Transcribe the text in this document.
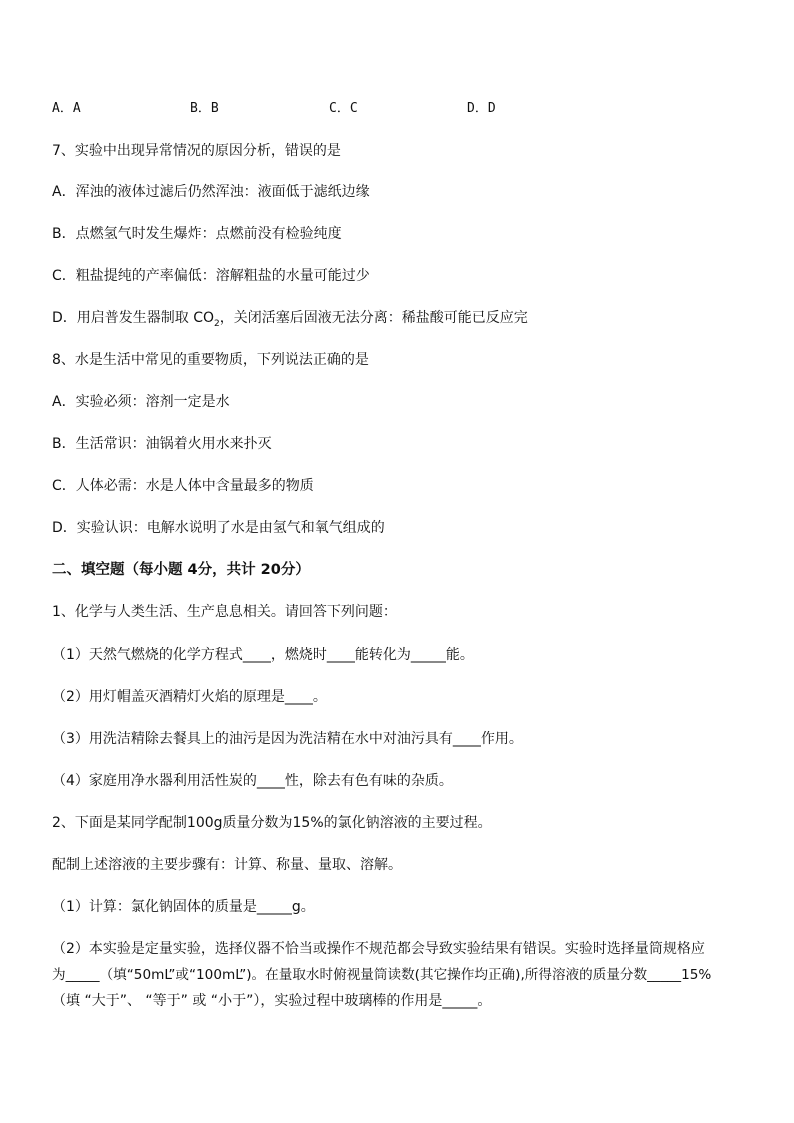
A．A	B．B	C．C	D．D
7、实验中出现异常情况的原因分析，错误的是
A．浑浊的液体过滤后仍然浑浊：液面低于滤纸边缘
B．点燃氢气时发生爆炸：点燃前没有检验纯度
C．粗盐提纯的产率偏低：溶解粗盐的水量可能过少
D．用启普发生器制取 $CO_2$，关闭活塞后固液无法分离：稀盐酸可能已反应完
8、水是生活中常见的重要物质，下列说法正确的是
A．实验必须：溶剂一定是水
B．生活常识：油锅着火用水来扑灭
C．人体必需：水是人体中含量最多的物质
D．实验认识：电解水说明了水是由氢气和氧气组成的
二、填空题（每小题 4分，共计 20分）
1、化学与人类生活、生产息息相关。请回答下列问题：
（1）天然气燃烧的化学方程式____，燃烧时____能转化为_____能。
（2）用灯帽盖灭酒精灯火焰的原理是____。
（3）用洗洁精除去餐具上的油污是因为洗洁精在水中对油污具有____作用。
（4）家庭用净水器利用活性炭的____性，除去有色有味的杂质。
2、下面是某同学配制100g质量分数为15%的氯化钠溶液的主要过程。
配制上述溶液的主要步骤有：计算、称量、量取、溶解。
（1）计算：氯化钠固体的质量是_____g。
（2）本实验是定量实验，选择仪器不恰当或操作不规范都会导致实验结果有错误。实验时选择量筒规格应
为_____（填“50mL”或“100mL”)。在量取水时俯视量筒读数(其它操作均正确),所得溶液的质量分数_____15%
（填 “大于”、 “等于” 或 “小于”），实验过程中玻璃棒的作用是_____。
